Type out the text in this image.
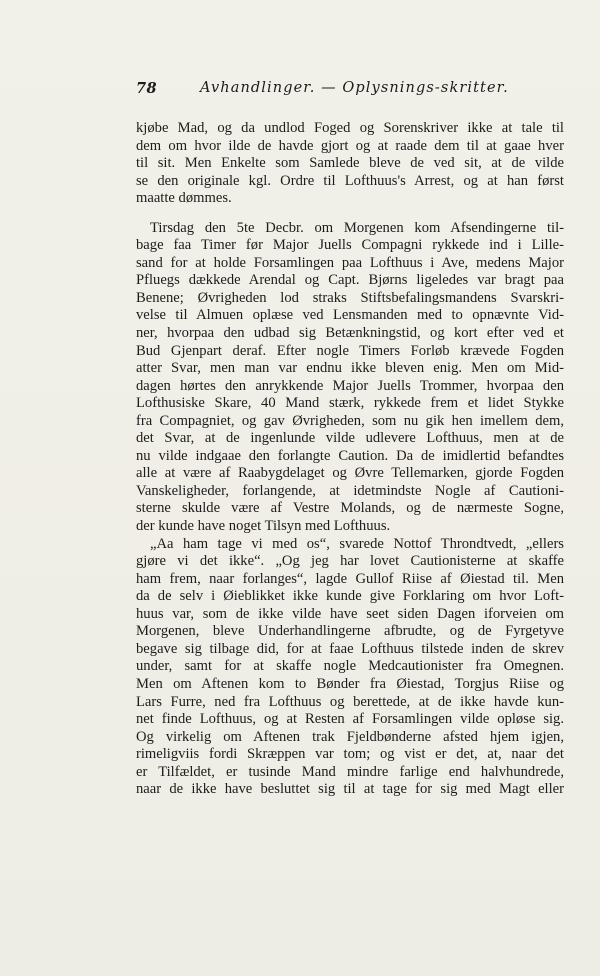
78	Avhandlinger. — Oplysnings-skritter.
kjøbe Mad, og da undlod Foged og Sorenskriver ikke at tale til
dem om hvor ilde de havde gjort og at raade dem til at gaae hver
til sit. Men Enkelte som Samlede bleve de ved sit, at de vilde
se den originale kgl. Ordre til Lofthuus's Arrest, og at han først
maatte dømmes.
Tirsdag den 5te Decbr. om Morgenen kom Afsendingerne til-
bage faa Timer før Major Juells Compagni rykkede ind i Lille-
sand for at holde Forsamlingen paa Lofthuus i Ave, medens Major
Pfluegs dækkede Arendal og Capt. Bjørns ligeledes var bragt paa
Benene; Øvrigheden lod straks Stiftsbefalingsmandens Svarskri-
velse til Almuen oplæse ved Lensmanden med to opnævnte Vid-
ner, hvorpaa den udbad sig Betænkningstid, og kort efter ved et
Bud Gjenpart deraf. Efter nogle Timers Forløb krævede Fogden
atter Svar, men man var endnu ikke bleven enig. Men om Mid-
dagen hørtes den anrykkende Major Juells Trommer, hvorpaa den
Lofthusiske Skare, 40 Mand stærk, rykkede frem et lidet Stykke
fra Compagniet, og gav Øvrigheden, som nu gik hen imellem dem,
det Svar, at de ingenlunde vilde udlevere Lofthuus, men at de
nu vilde indgaae den forlangte Caution. Da de imidlertid befandtes
alle at være af Raabygdelaget og Øvre Tellemarken, gjorde Fogden
Vanskeligheder, forlangende, at idetmindste Nogle af Cautioni-
sterne skulde være af Vestre Molands, og de nærmeste Sogne,
der kunde have noget Tilsyn med Lofthuus.
„Aa ham tage vi med os“, svarede Nottof Throndtvedt, „ellers
gjøre vi det ikke“. „Og jeg har lovet Cautionisterne at skaffe
ham frem, naar forlanges“, lagde Gullof Riise af Øiestad til. Men
da de selv i Øieblikket ikke kunde give Forklaring om hvor Loft-
huus var, som de ikke vilde have seet siden Dagen iforveien om
Morgenen, bleve Underhandlingerne afbrudte, og de Fyrgetyve
begave sig tilbage did, for at faae Lofthuus tilstede inden de skrev
under, samt for at skaffe nogle Medcautionister fra Omegnen.
Men om Aftenen kom to Bønder fra Øiestad, Torgjus Riise og
Lars Furre, ned fra Lofthuus og berettede, at de ikke havde kun-
net finde Lofthuus, og at Resten af Forsamlingen vilde opløse sig.
Og virkelig om Aftenen trak Fjeldbønderne afsted hjem igjen,
rimeligviis fordi Skræppen var tom; og vist er det, at, naar det
er Tilfældet, er tusinde Mand mindre farlige end halvhundrede,
naar de ikke have besluttet sig til at tage for sig med Magt eller
